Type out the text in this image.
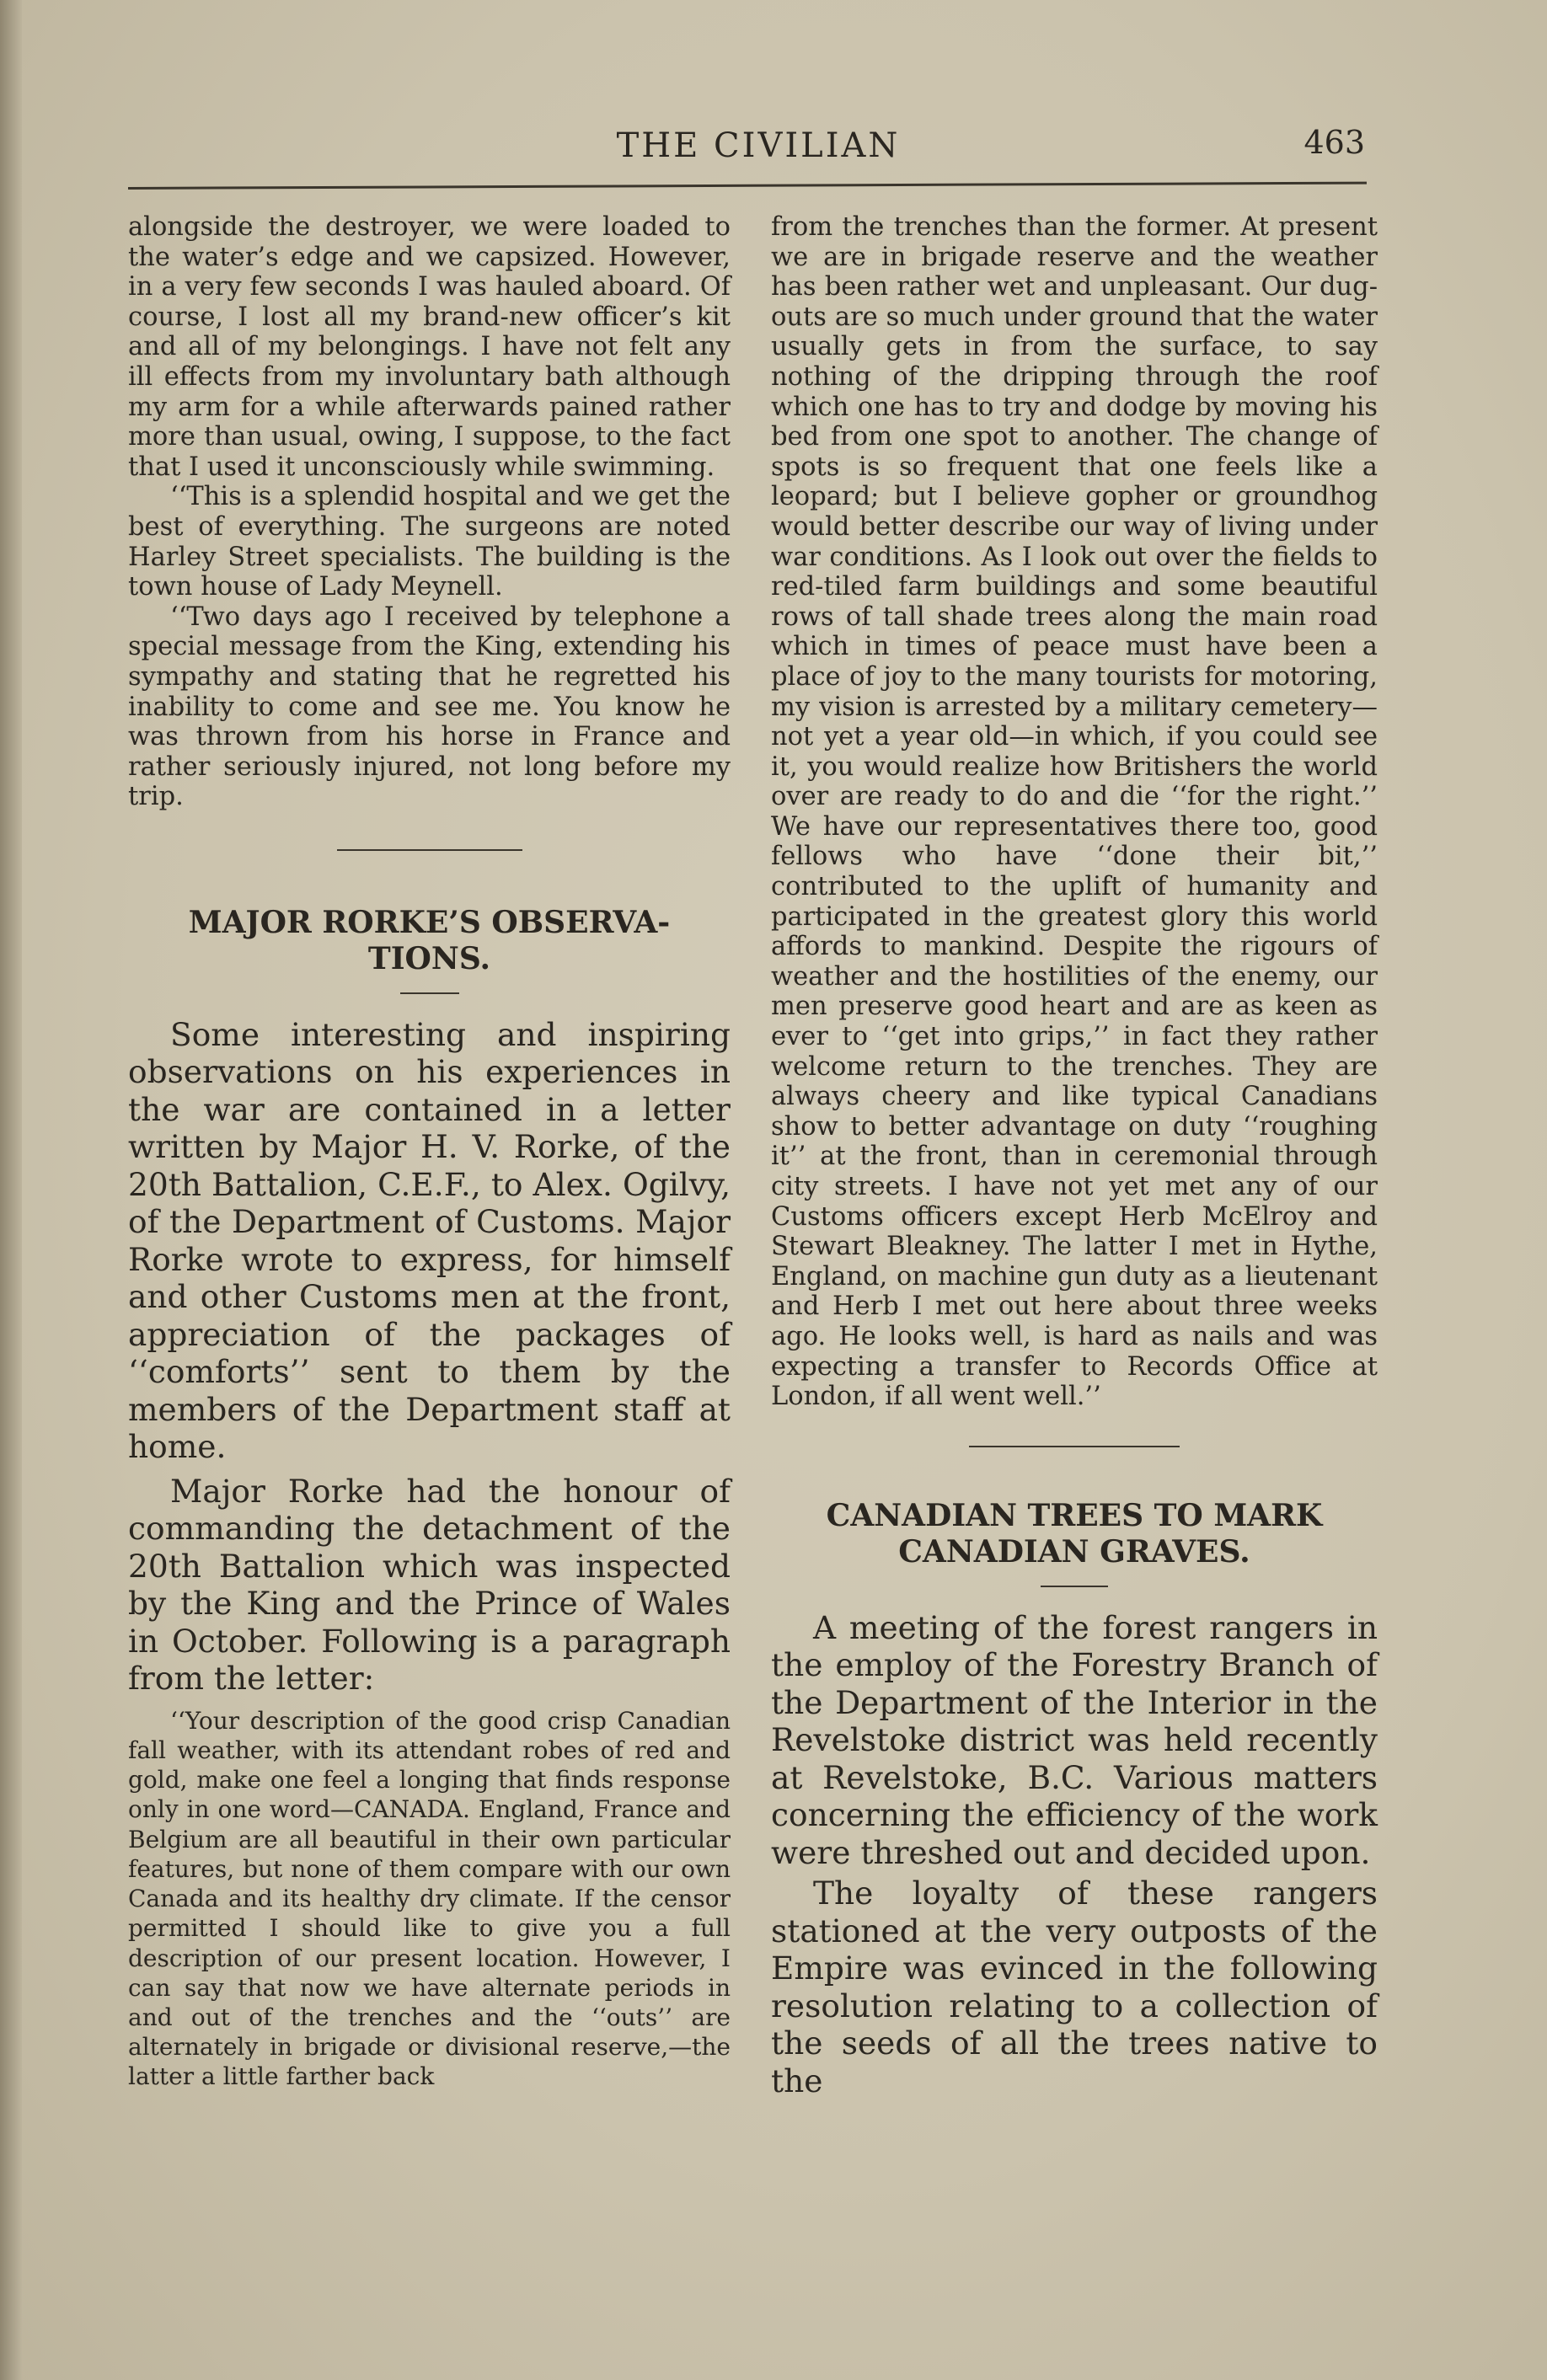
THE CIVILIAN	463

alongside the destroyer, we were loaded to the water’s edge and we capsized. However, in a very few seconds I was hauled aboard. Of course, I lost all my brand-new officer’s kit and all of my belongings. I have not felt any ill effects from my involuntary bath although my arm for a while afterwards pained rather more than usual, owing, I suppose, to the fact that I used it unconsciously while swimming.

‘‘This is a splendid hospital and we get the best of everything. The surgeons are noted Harley Street specialists. The building is the town house of Lady Meynell.

‘‘Two days ago I received by telephone a special message from the King, extending his sympathy and stating that he regretted his inability to come and see me. You know he was thrown from his horse in France and rather seriously injured, not long before my trip.

MAJOR RORKE’S OBSERVA-
TIONS.

Some interesting and inspiring observations on his experiences in the war are contained in a letter written by Major H. V. Rorke, of the 20th Battalion, C.E.F., to Alex. Ogilvy, of the Department of Customs. Major Rorke wrote to express, for himself and other Customs men at the front, appreciation of the packages of ‘‘comforts’’ sent to them by the members of the Department staff at home.

Major Rorke had the honour of commanding the detachment of the 20th Battalion which was inspected by the King and the Prince of Wales in October. Following is a paragraph from the letter:

‘‘Your description of the good crisp Canadian fall weather, with its attendant robes of red and gold, make one feel a longing that finds response only in one word—CANADA. England, France and Belgium are all beautiful in their own particular features, but none of them compare with our own Canada and its healthy dry climate. If the censor permitted I should like to give you a full description of our present location. However, I can say that now we have alternate periods in and out of the trenches and the ‘‘outs’’ are alternately in brigade or divisional reserve,—the latter a little farther back

from the trenches than the former. At present we are in brigade reserve and the weather has been rather wet and unpleasant. Our dug-outs are so much under ground that the water usually gets in from the surface, to say nothing of the dripping through the roof which one has to try and dodge by moving his bed from one spot to another. The change of spots is so frequent that one feels like a leopard; but I believe gopher or groundhog would better describe our way of living under war conditions. As I look out over the fields to red-tiled farm buildings and some beautiful rows of tall shade trees along the main road which in times of peace must have been a place of joy to the many tourists for motoring, my vision is arrested by a military cemetery—not yet a year old—in which, if you could see it, you would realize how Britishers the world over are ready to do and die ‘‘for the right.’’ We have our representatives there too, good fellows who have ‘‘done their bit,’’ contributed to the uplift of humanity and participated in the greatest glory this world affords to mankind. Despite the rigours of weather and the hostilities of the enemy, our men preserve good heart and are as keen as ever to ‘‘get into grips,’’ in fact they rather welcome return to the trenches. They are always cheery and like typical Canadians show to better advantage on duty ‘‘roughing it’’ at the front, than in ceremonial through city streets. I have not yet met any of our Customs officers except Herb McElroy and Stewart Bleakney. The latter I met in Hythe, England, on machine gun duty as a lieutenant and Herb I met out here about three weeks ago. He looks well, is hard as nails and was expecting a transfer to Records Office at London, if all went well.’’

CANADIAN TREES TO MARK
CANADIAN GRAVES.

A meeting of the forest rangers in the employ of the Forestry Branch of the Department of the Interior in the Revelstoke district was held recently at Revelstoke, B.C. Various matters concerning the efficiency of the work were threshed out and decided upon.

The loyalty of these rangers stationed at the very outposts of the Empire was evinced in the following resolution relating to a collection of the seeds of all the trees native to the
